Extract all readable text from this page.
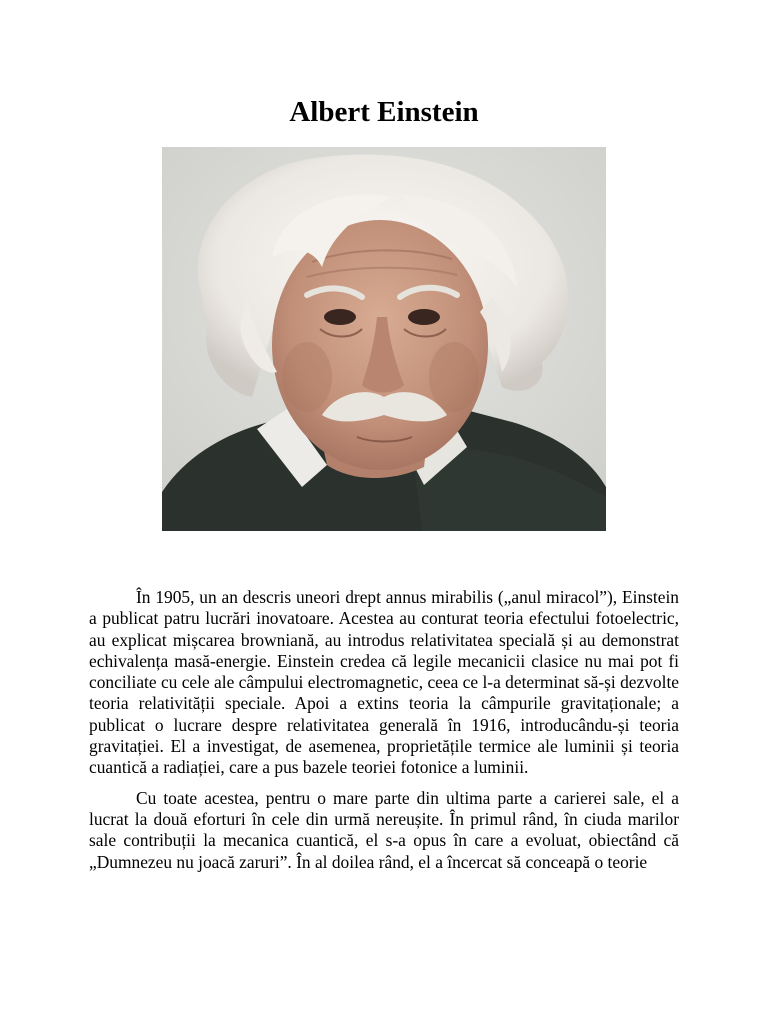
Albert Einstein

În 1905, un an descris uneori drept annus mirabilis („anul miracol”), Einstein a publicat patru lucrări inovatoare. Acestea au conturat teoria efectului fotoelectric, au explicat mișcarea browniană, au introdus relativitatea specială și au demonstrat echivalența masă-energie. Einstein credea că legile mecanicii clasice nu mai pot fi conciliate cu cele ale câmpului electromagnetic, ceea ce l-a determinat să-și dezvolte teoria relativității speciale. Apoi a extins teoria la câmpurile gravitaționale; a publicat o lucrare despre relativitatea generală în 1916, introducându-și teoria gravitației. El a investigat, de asemenea, proprietățile termice ale luminii și teoria cuantică a radiației, care a pus bazele teoriei fotonice a luminii.

Cu toate acestea, pentru o mare parte din ultima parte a carierei sale, el a lucrat la două eforturi în cele din urmă nereușite. În primul rând, în ciuda marilor sale contribuții la mecanica cuantică, el s-a opus în care a evoluat, obiectând că „Dumnezeu nu joacă zaruri”. În al doilea rând, el a încercat să conceapă o teorie
